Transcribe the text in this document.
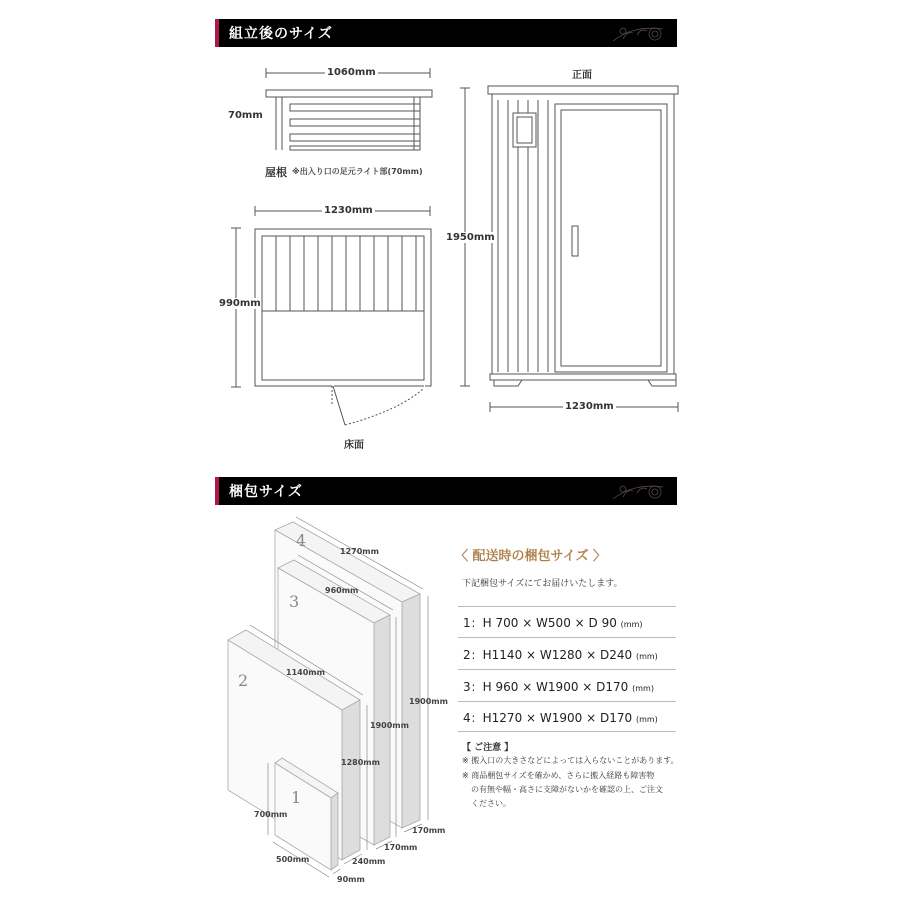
組立後のサイズ
1060mm
70mm
屋根 ※出入り口の足元ライト部(70mm)
1230mm
990mm
床面
正面
1950mm
1230mm
梱包サイズ
4
3
2
1
1270mm
1900mm
170mm
960mm
1900mm
170mm
1140mm
1280mm
240mm
700mm
500mm
90mm
〈 配送時の梱包サイズ 〉
下記梱包サイズにてお届けいたします。
1：H 700 × W500 × D 90 (mm)
2：H1140 × W1280 × D240 (mm)
3：H 960 × W1900 × D170 (mm)
4：H1270 × W1900 × D170 (mm)
【 ご注意 】
※ 搬入口の大きさなどによっては入らないことがあります。
※ 商品梱包サイズを確かめ、さらに搬入経路も障害物
の有無や幅・高さに支障がないかを確認の上、ご注文
ください。
